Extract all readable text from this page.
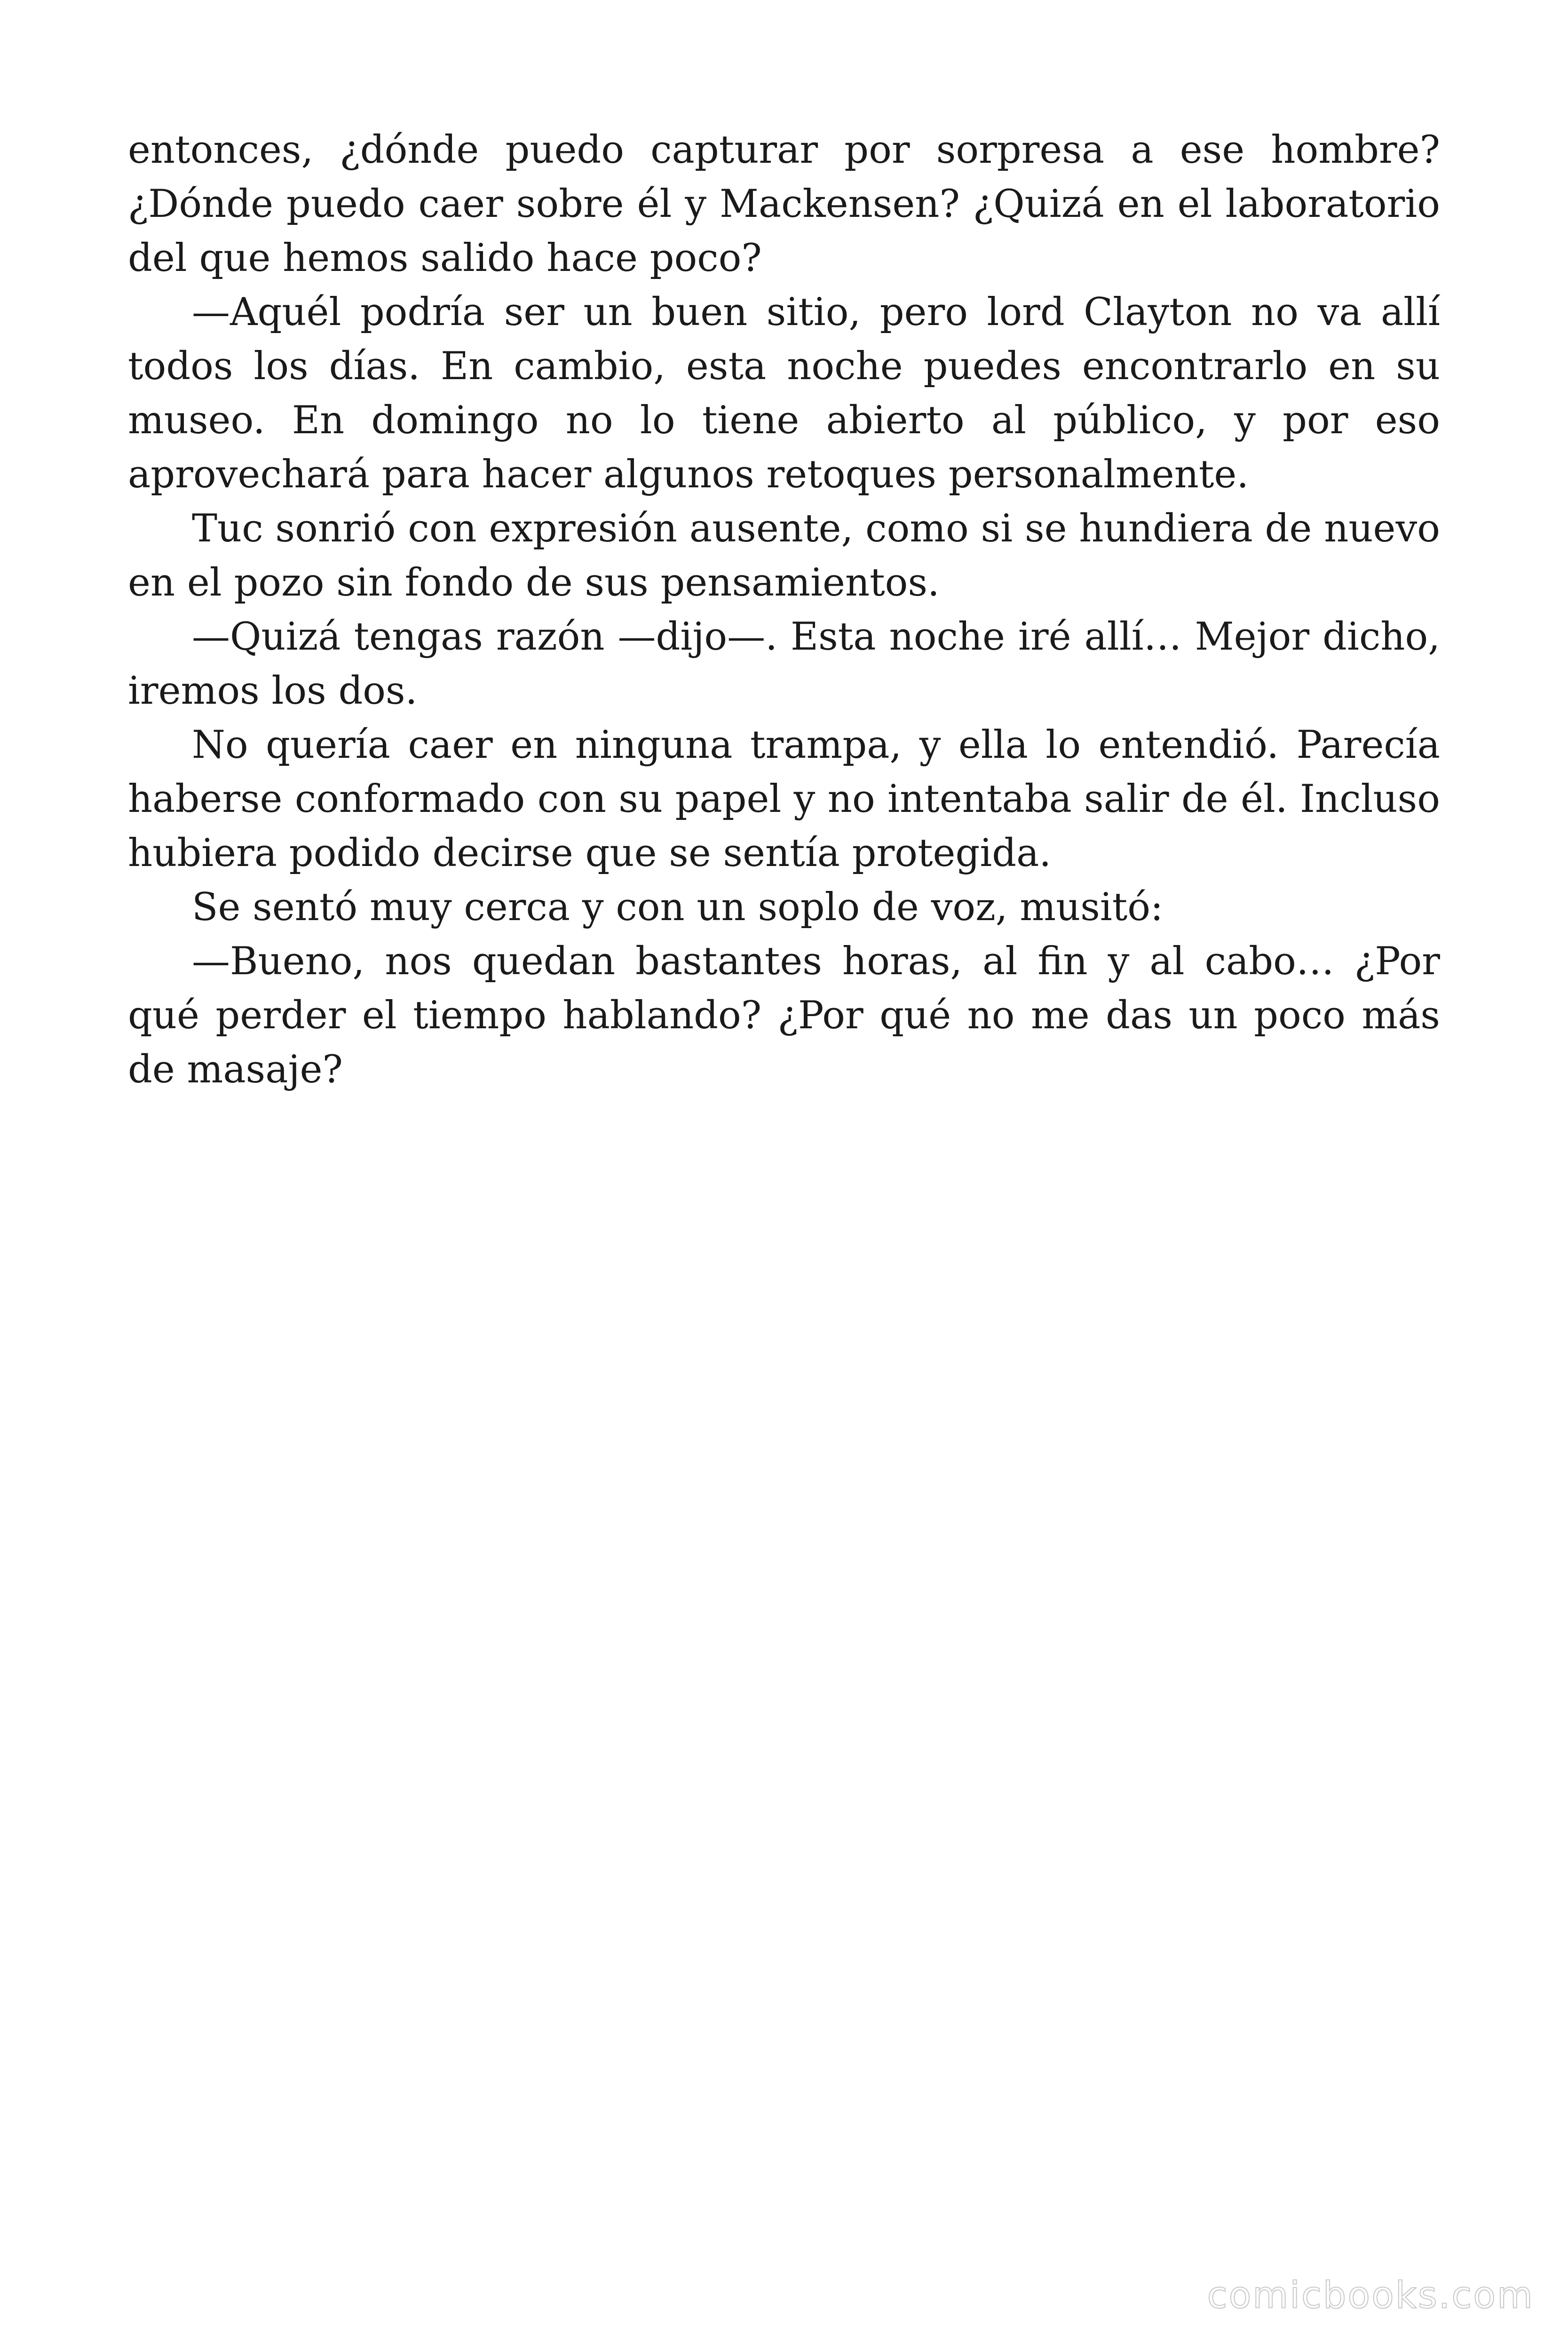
entonces, ¿dónde puedo capturar por sorpresa a ese hombre? ¿Dónde puedo caer sobre él y Mackensen? ¿Quizá en el laboratorio del que hemos salido hace poco?

—Aquél podría ser un buen sitio, pero lord Clayton no va allí todos los días. En cambio, esta noche puedes encontrarlo en su museo. En domingo no lo tiene abierto al público, y por eso aprovechará para hacer algunos retoques personalmente.

Tuc sonrió con expresión ausente, como si se hundiera de nuevo en el pozo sin fondo de sus pensamientos.

—Quizá tengas razón —dijo—. Esta noche iré allí… Mejor dicho, iremos los dos.

No quería caer en ninguna trampa, y ella lo entendió. Parecía haberse conformado con su papel y no intentaba salir de él. Incluso hubiera podido decirse que se sentía protegida.

Se sentó muy cerca y con un soplo de voz, musitó:

—Bueno, nos quedan bastantes horas, al fin y al cabo… ¿Por qué perder el tiempo hablando? ¿Por qué no me das un poco más de masaje?

comicbooks.com
